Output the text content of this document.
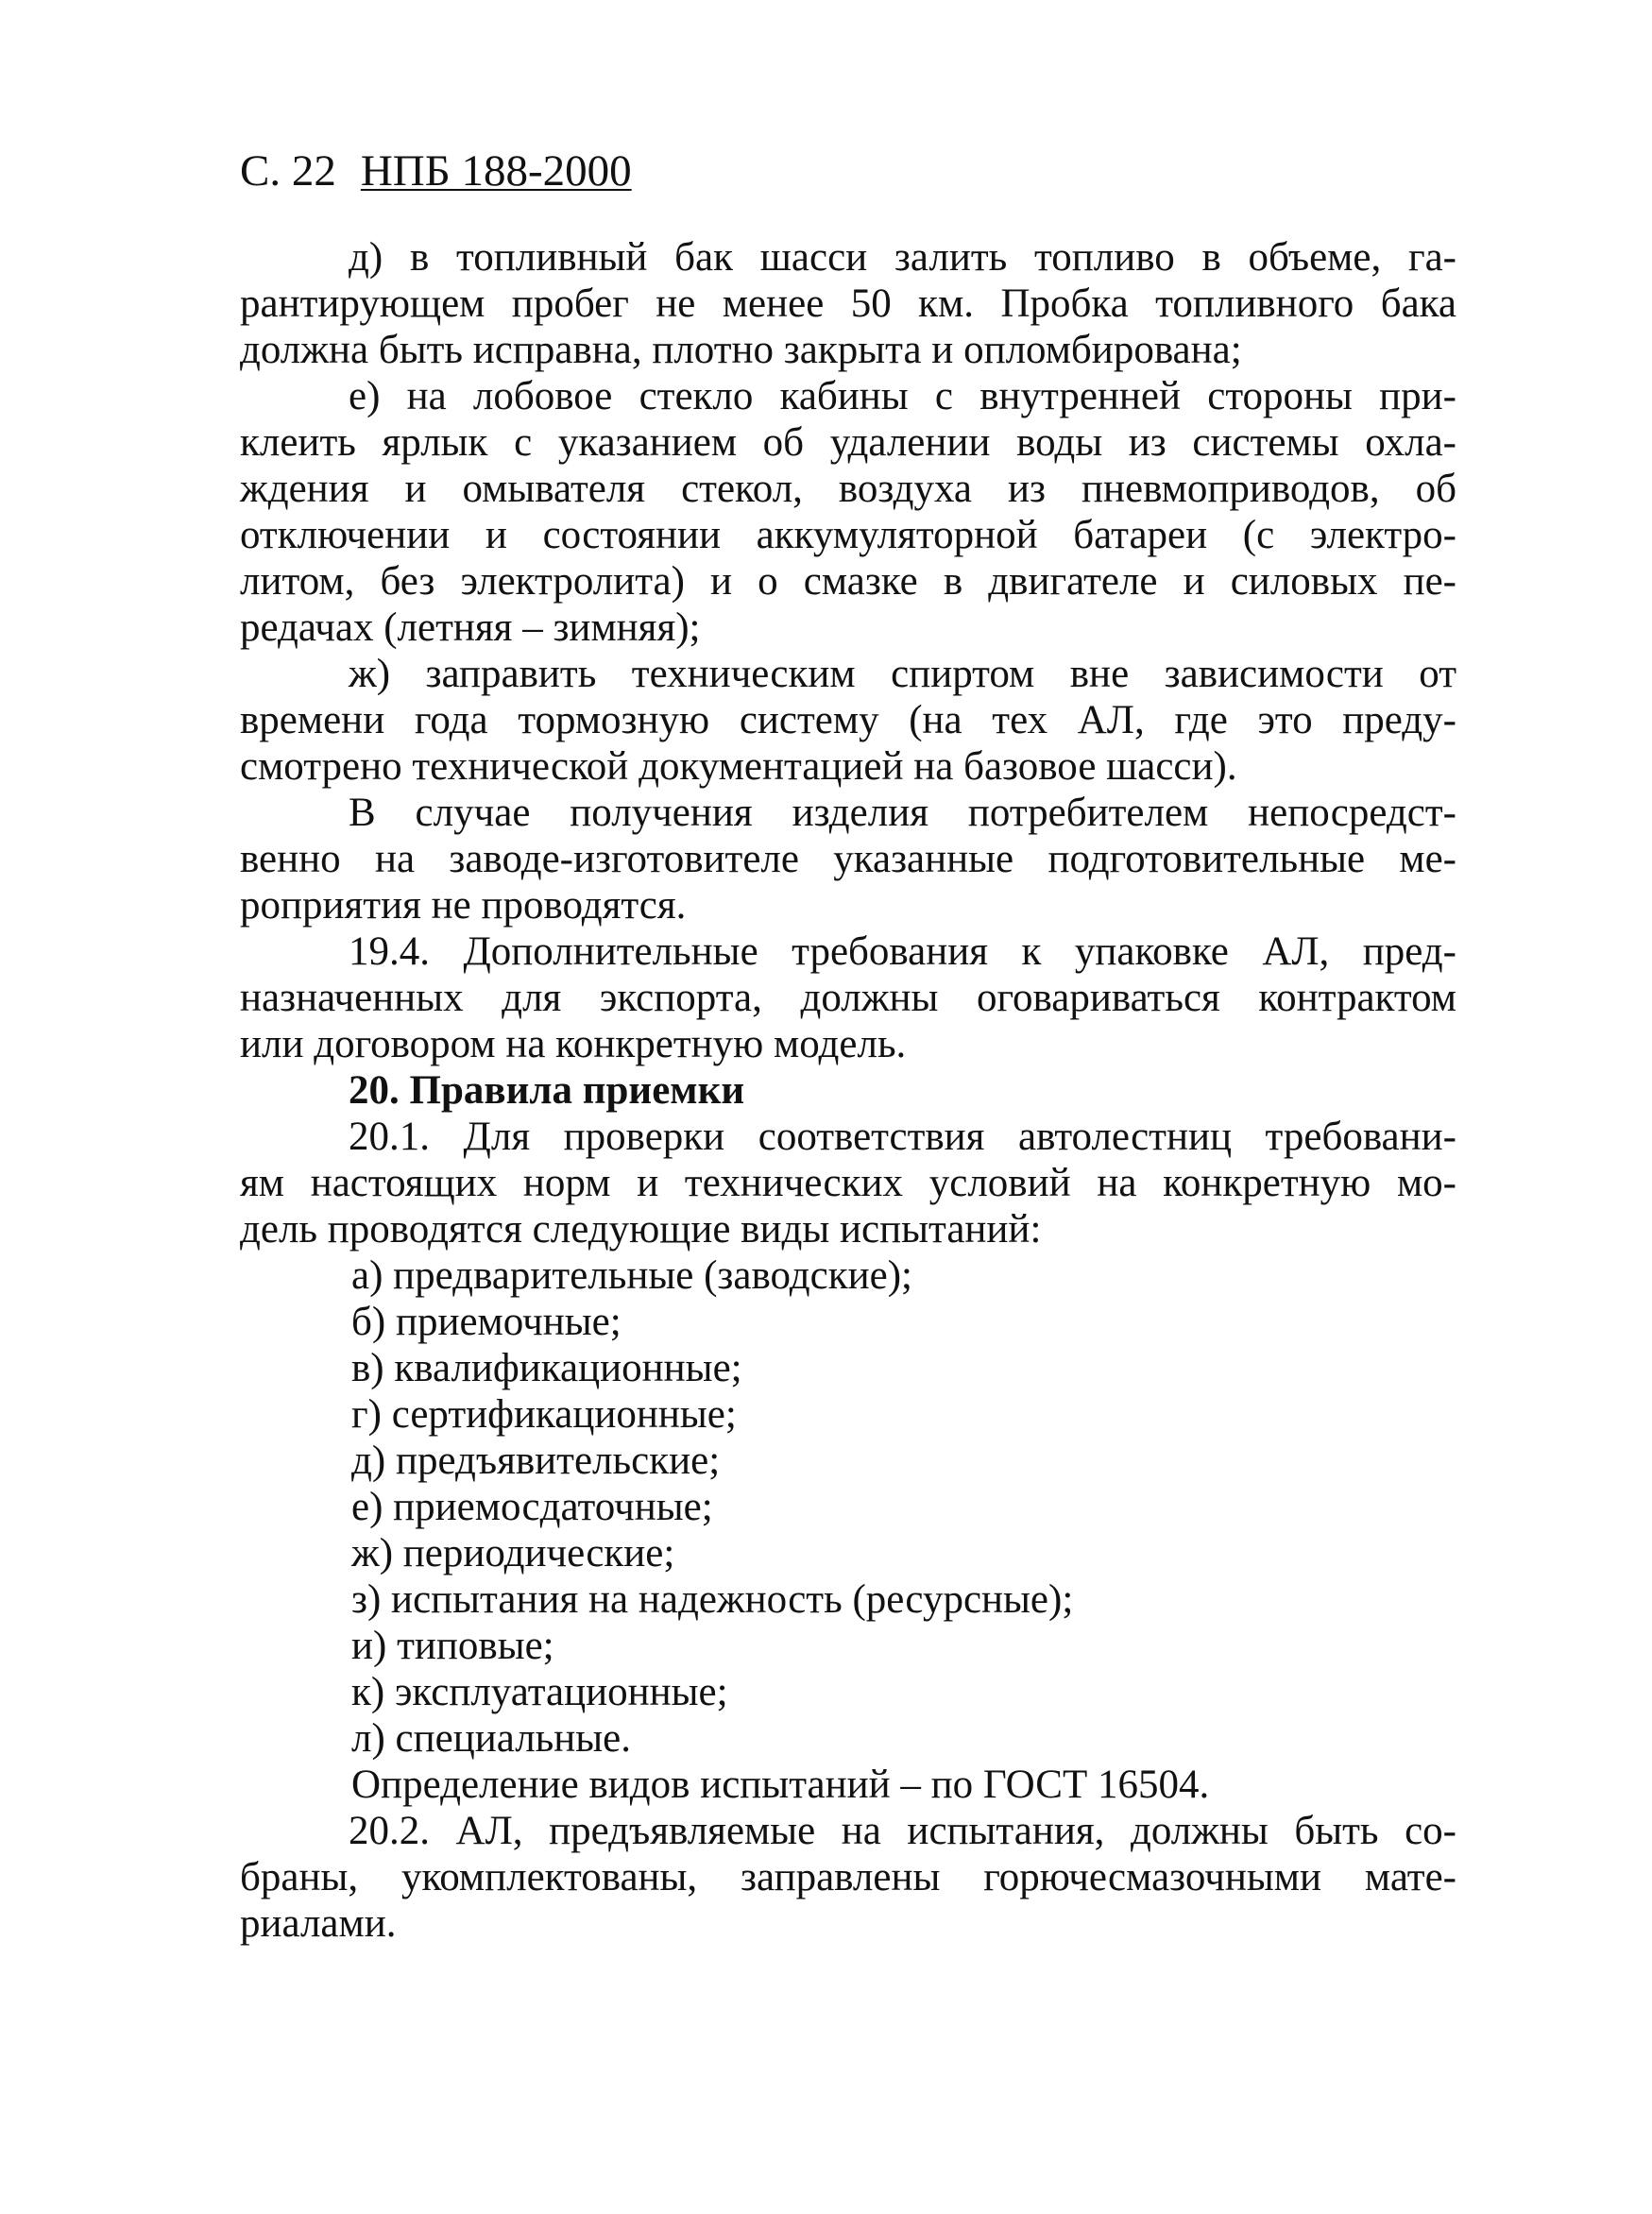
С. 22 НПБ 188-2000
д) в топливный бак шасси залить топливо в объеме, га-
рантирующем пробег не менее 50 км. Пробка топливного бака
должна быть исправна, плотно закрыта и опломбирована;
е) на лобовое стекло кабины с внутренней стороны при-
клеить ярлык с указанием об удалении воды из системы охла-
ждения и омывателя стекол, воздуха из пневмоприводов, об
отключении и состоянии аккумуляторной батареи (с электро-
литом, без электролита) и о смазке в двигателе и силовых пе-
редачах (летняя – зимняя);
ж) заправить техническим спиртом вне зависимости от
времени года тормозную систему (на тех АЛ, где это преду-
смотрено технической документацией на базовое шасси).
В случае получения изделия потребителем непосредст-
венно на заводе-изготовителе указанные подготовительные ме-
роприятия не проводятся.
19.4. Дополнительные требования к упаковке АЛ, пред-
назначенных для экспорта, должны оговариваться контрактом
или договором на конкретную модель.
20. Правила приемки
20.1. Для проверки соответствия автолестниц требовани-
ям настоящих норм и технических условий на конкретную мо-
дель проводятся следующие виды испытаний:
а) предварительные (заводские);
б) приемочные;
в) квалификационные;
г) сертификационные;
д) предъявительские;
е) приемосдаточные;
ж) периодические;
з) испытания на надежность (ресурсные);
и) типовые;
к) эксплуатационные;
л) специальные.
Определение видов испытаний – по ГОСТ 16504.
20.2. АЛ, предъявляемые на испытания, должны быть со-
браны, укомплектованы, заправлены горючесмазочными мате-
риалами.
